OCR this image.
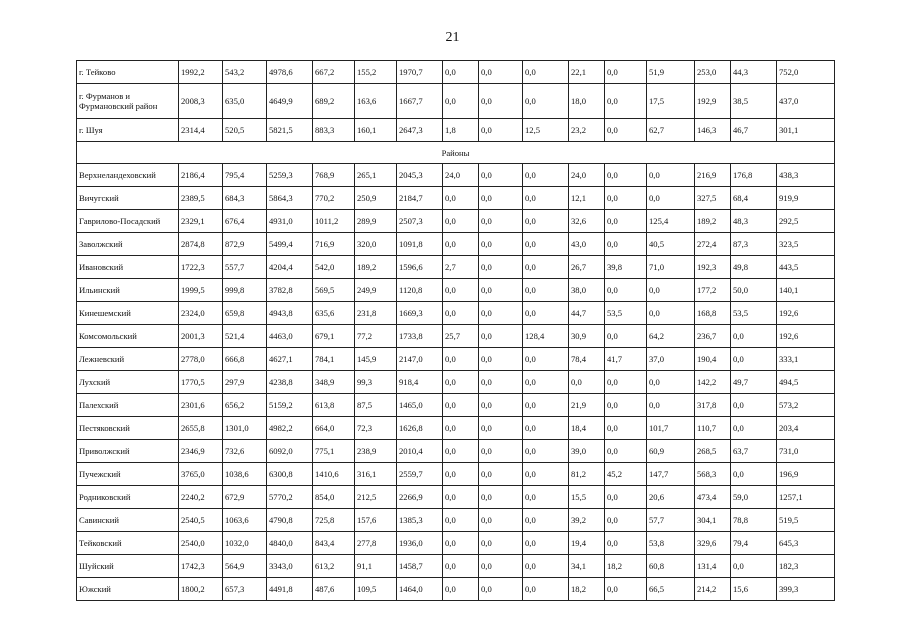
21
г. Тейково	1992,2	543,2	4978,6	667,2	155,2	1970,7	0,0	0,0	0,0	22,1	0,0	51,9	253,0	44,3	752,0
г. Фурманов и Фурмановский район	2008,3	635,0	4649,9	689,2	163,6	1667,7	0,0	0,0	0,0	18,0	0,0	17,5	192,9	38,5	437,0
г. Шуя	2314,4	520,5	5821,5	883,3	160,1	2647,3	1,8	0,0	12,5	23,2	0,0	62,7	146,3	46,7	301,1
Районы															
Верхнеландеховский	2186,4	795,4	5259,3	768,9	265,1	2045,3	24,0	0,0	0,0	24,0	0,0	0,0	216,9	176,8	438,3
Вичугский	2389,5	684,3	5864,3	770,2	250,9	2184,7	0,0	0,0	0,0	12,1	0,0	0,0	327,5	68,4	919,9
Гаврилово-Посадский	2329,1	676,4	4931,0	1011,2	289,9	2507,3	0,0	0,0	0,0	32,6	0,0	125,4	189,2	48,3	292,5
Заволжский	2874,8	872,9	5499,4	716,9	320,0	1091,8	0,0	0,0	0,0	43,0	0,0	40,5	272,4	87,3	323,5
Ивановский	1722,3	557,7	4204,4	542,0	189,2	1596,6	2,7	0,0	0,0	26,7	39,8	71,0	192,3	49,8	443,5
Ильинский	1999,5	999,8	3782,8	569,5	249,9	1120,8	0,0	0,0	0,0	38,0	0,0	0,0	177,2	50,0	140,1
Кинешемский	2324,0	659,8	4943,8	635,6	231,8	1669,3	0,0	0,0	0,0	44,7	53,5	0,0	168,8	53,5	192,6
Комсомольский	2001,3	521,4	4463,0	679,1	77,2	1733,8	25,7	0,0	128,4	30,9	0,0	64,2	236,7	0,0	192,6
Лежневский	2778,0	666,8	4627,1	784,1	145,9	2147,0	0,0	0,0	0,0	78,4	41,7	37,0	190,4	0,0	333,1
Лухский	1770,5	297,9	4238,8	348,9	99,3	918,4	0,0	0,0	0,0	0,0	0,0	0,0	142,2	49,7	494,5
Палехский	2301,6	656,2	5159,2	613,8	87,5	1465,0	0,0	0,0	0,0	21,9	0,0	0,0	317,8	0,0	573,2
Пестяковский	2655,8	1301,0	4982,2	664,0	72,3	1626,8	0,0	0,0	0,0	18,4	0,0	101,7	110,7	0,0	203,4
Приволжский	2346,9	732,6	6092,0	775,1	238,9	2010,4	0,0	0,0	0,0	39,0	0,0	60,9	268,5	63,7	731,0
Пучежский	3765,0	1038,6	6300,8	1410,6	316,1	2559,7	0,0	0,0	0,0	81,2	45,2	147,7	568,3	0,0	196,9
Родниковский	2240,2	672,9	5770,2	854,0	212,5	2266,9	0,0	0,0	0,0	15,5	0,0	20,6	473,4	59,0	1257,1
Савинский	2540,5	1063,6	4790,8	725,8	157,6	1385,3	0,0	0,0	0,0	39,2	0,0	57,7	304,1	78,8	519,5
Тейковский	2540,0	1032,0	4840,0	843,4	277,8	1936,0	0,0	0,0	0,0	19,4	0,0	53,8	329,6	79,4	645,3
Шуйский	1742,3	564,9	3343,0	613,2	91,1	1458,7	0,0	0,0	0,0	34,1	18,2	60,8	131,4	0,0	182,3
Южский	1800,2	657,3	4491,8	487,6	109,5	1464,0	0,0	0,0	0,0	18,2	0,0	66,5	214,2	15,6	399,3
